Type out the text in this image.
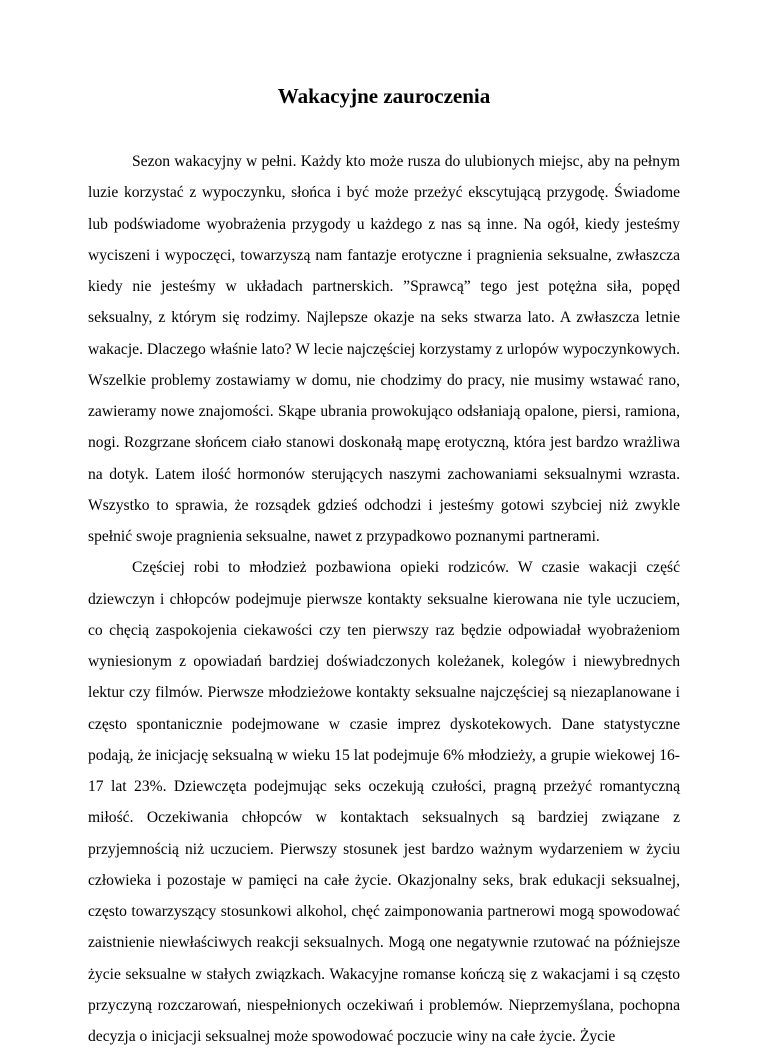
Wakacyjne zauroczenia

Sezon wakacyjny w pełni. Każdy kto może rusza do ulubionych miejsc, aby na pełnym luzie korzystać z wypoczynku, słońca i być może przeżyć ekscytującą przygodę. Świadome lub podświadome wyobrażenia przygody u każdego z nas są inne. Na ogół, kiedy jesteśmy wyciszeni i wypoczęci, towarzyszą nam fantazje erotyczne i pragnienia seksualne, zwłaszcza kiedy nie jesteśmy w układach partnerskich. ”Sprawcą” tego jest potężna siła, popęd seksualny, z którym się rodzimy. Najlepsze okazje na seks stwarza lato. A zwłaszcza letnie wakacje. Dlaczego właśnie lato? W lecie najczęściej korzystamy z urlopów wypoczynkowych. Wszelkie problemy zostawiamy w domu, nie chodzimy do pracy, nie musimy wstawać rano, zawieramy nowe znajomości. Skąpe ubrania prowokująco odsłaniają opalone, piersi, ramiona, nogi. Rozgrzane słońcem ciało stanowi doskonałą mapę erotyczną, która jest bardzo wrażliwa na dotyk. Latem ilość hormonów sterujących naszymi zachowaniami seksualnymi wzrasta. Wszystko to sprawia, że rozsądek gdzieś odchodzi i jesteśmy gotowi szybciej niż zwykle spełnić swoje pragnienia seksualne, nawet z przypadkowo poznanymi partnerami.

Częściej robi to młodzież pozbawiona opieki rodziców. W czasie wakacji część dziewczyn i chłopców podejmuje pierwsze kontakty seksualne kierowana nie tyle uczuciem, co chęcią zaspokojenia ciekawości czy ten pierwszy raz będzie odpowiadał wyobrażeniom wyniesionym z opowiadań bardziej doświadczonych koleżanek, kolegów i niewybrednych lektur czy filmów. Pierwsze młodzieżowe kontakty seksualne najczęściej są niezaplanowane i często spontanicznie podejmowane w czasie imprez dyskotekowych. Dane statystyczne podają, że inicjację seksualną w wieku 15 lat podejmuje 6% młodzieży, a grupie wiekowej 16-17 lat 23%. Dziewczęta podejmując seks oczekują czułości, pragną przeżyć romantyczną miłość. Oczekiwania chłopców w kontaktach seksualnych są bardziej związane z przyjemnością niż uczuciem. Pierwszy stosunek jest bardzo ważnym wydarzeniem w życiu człowieka i pozostaje w pamięci na całe życie. Okazjonalny seks, brak edukacji seksualnej, często towarzyszący stosunkowi alkohol, chęć zaimponowania partnerowi mogą spowodować zaistnienie niewłaściwych reakcji seksualnych. Mogą one negatywnie rzutować na późniejsze życie seksualne w stałych związkach. Wakacyjne romanse kończą się z wakacjami i są często przyczyną rozczarowań, niespełnionych oczekiwań i problemów. Nieprzemyślana, pochopna decyzja o inicjacji seksualnej może spowodować poczucie winy na całe życie. Życie
